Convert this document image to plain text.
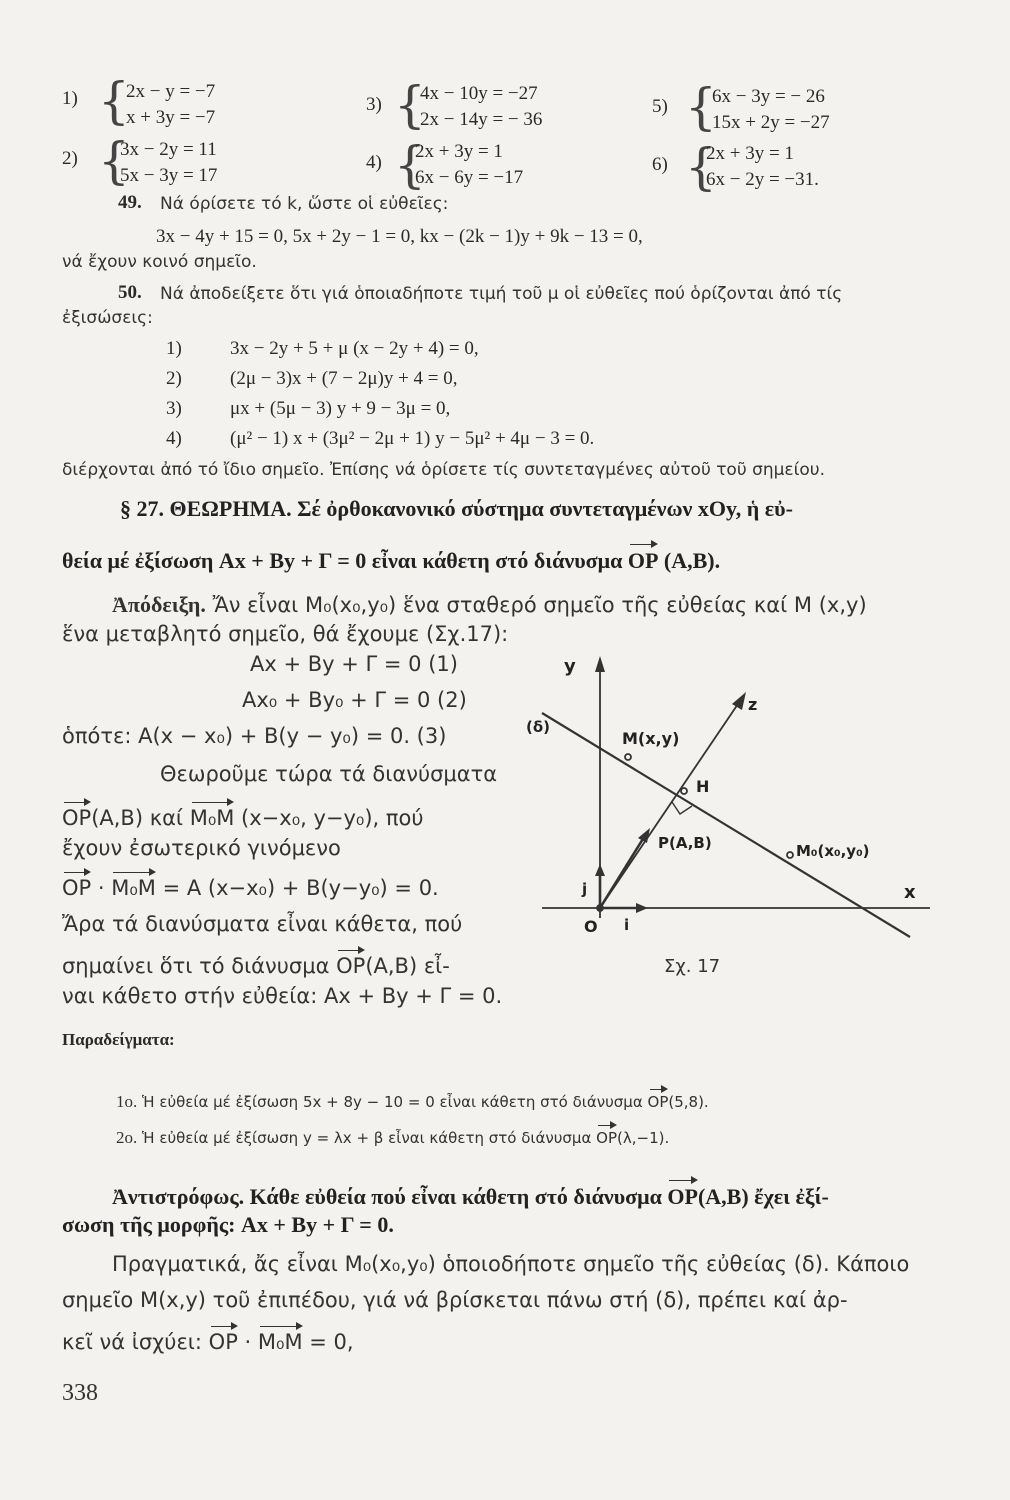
1) {
2x − y = −7
x + 3y = −7
2) {
3x − 2y = 11
5x − 3y = 17
3) {
4x − 10y = −27
2x − 14y = − 36
4) {
2x + 3y = 1
6x − 6y = −17
5) {
6x − 3y = − 26
15x + 2y = −27
6) {
2x + 3y = 1
6x − 2y = −31.
49. Νά όρίσετε τό k, ὥστε οἱ εὐθεῖες:
3x − 4y + 15 = 0, 5x + 2y − 1 = 0, kx − (2k − 1)y + 9k − 13 = 0,
νά ἔχουν κοινό σημεῖο.
50. Νά ἀποδείξετε ὅτι γιά ὁποιαδήποτε τιμή τοῦ μ οἱ εὐθεῖες πού ὁρίζονται ἀπό τίς
ἐξισώσεις:
1)	3x − 2y + 5 + μ (x − 2y + 4) = 0,
2)	(2μ − 3)x + (7 − 2μ)y + 4 = 0,
3)	μx + (5μ − 3) y + 9 − 3μ = 0,
4)	(μ² − 1) x + (3μ² − 2μ + 1) y − 5μ² + 4μ − 3 = 0.
διέρχονται ἀπό τό ἴδιο σημεῖο. Ἐπίσης νά ὁρίσετε τίς συντεταγμένες αὐτοῦ τοῦ σημείου.
§ 27. ΘΕΩΡΗΜΑ. Σέ ὀρθοκανονικό σύστημα συντεταγμένων xOy, ἡ εὐ-
θεία μέ ἐξίσωση Ax + By + Γ = 0 εἶναι κάθετη στό διάνυσμα OP (A,B).
Ἀπόδειξη. Ἄν εἶναι M₀(x₀,y₀) ἕνα σταθερό σημεῖο τῆς εὐθείας καί M (x,y)
ἕνα μεταβλητό σημεῖο, θά ἔχουμε (Σχ.17):
Ax + By + Γ = 0 (1)
Ax₀ + By₀ + Γ = 0 (2)
ὁπότε: A(x − x₀) + B(y − y₀) = 0. (3)
Θεωροῦμε τώρα τά διανύσματα
OP(A,B) καί M₀M (x−x₀, y−y₀), πού
ἔχουν ἐσωτερικό γινόμενο
OP · M₀M = A (x−x₀) + B(y−y₀) = 0.
Ἄρα τά διανύσματα εἶναι κάθετα, πού
σημαίνει ὅτι τό διάνυσμα OP(A,B) εἶ-
ναι κάθετο στήν εὐθεία: Ax + By + Γ = 0.
y
x
z
O
(δ)
M(x,y)
H
P(A,B)	M₀(x₀,y₀)
j
i
Σχ. 17
Παραδείγματα:
1ο. Ἡ εὐθεία μέ ἐξίσωση 5x + 8y − 10 = 0 εἶναι κάθετη στό διάνυσμα OP(5,8).
2ο. Ἡ εὐθεία μέ ἐξίσωση y = λx + β εἶναι κάθετη στό διάνυσμα OP(λ,−1).
Ἀντιστρόφως. Κάθε εὐθεία πού εἶναι κάθετη στό διάνυσμα OP(A,B) ἔχει ἐξί-
σωση τῆς μορφῆς: Ax + By + Γ = 0.
Πραγματικά, ἄς εἶναι M₀(x₀,y₀) ὁποιοδήποτε σημεῖο τῆς εὐθείας (δ). Κάποιο
σημεῖο M(x,y) τοῦ ἐπιπέδου, γιά νά βρίσκεται πάνω στή (δ), πρέπει καί ἀρ-
κεῖ νά ἰσχύει: OP · M₀M = 0,
338
